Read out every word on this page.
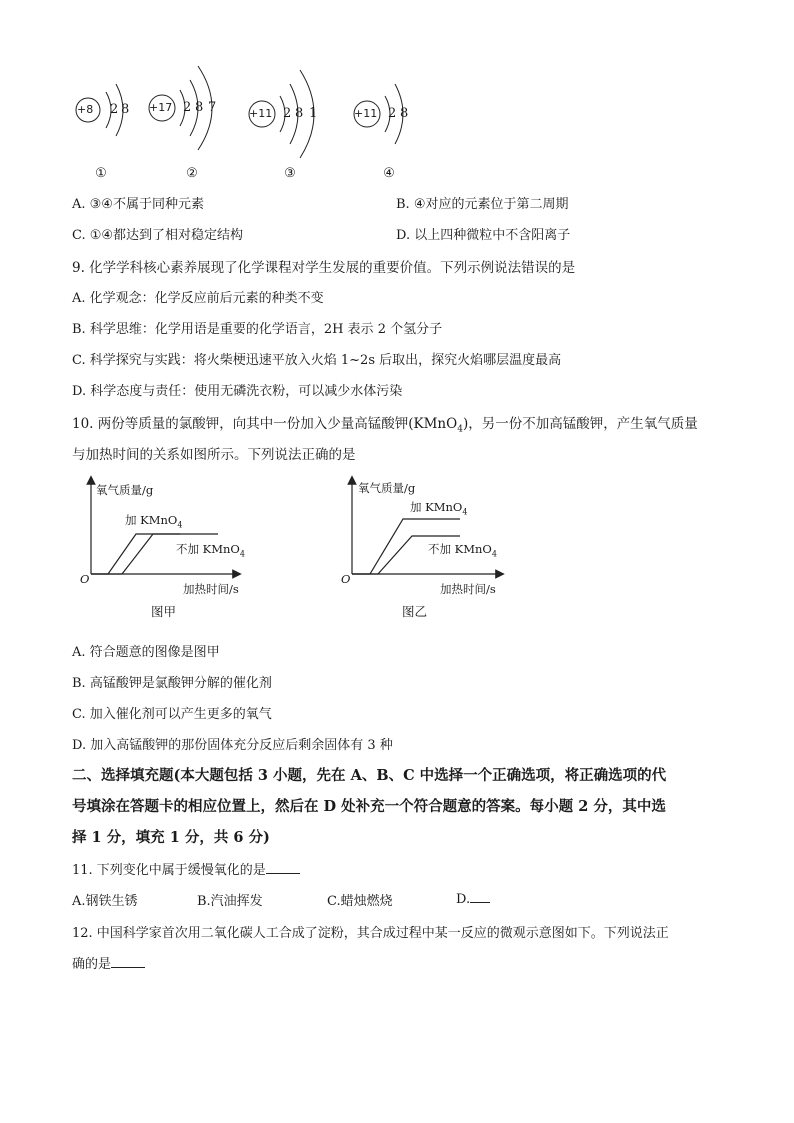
+8 2 8 +17 2 8 7	+11 2 8 1	+11 2 8
①	②	③	④
A. ③④不属于同种元素	B. ④对应的元素位于第二周期
C. ①④都达到了相对稳定结构	D. 以上四种微粒中不含阳离子
9. 化学学科核心素养展现了化学课程对学生发展的重要价值。下列示例说法错误的是
A. 化学观念：化学反应前后元素的种类不变
B. 科学思维：化学用语是重要的化学语言，2H 表示 2 个氢分子
C. 科学探究与实践：将火柴梗迅速平放入火焰 1~2s 后取出，探究火焰哪层温度最高
D. 科学态度与责任：使用无磷洗衣粉，可以减少水体污染
10. 两份等质量的氯酸钾，向其中一份加入少量高锰酸钾(KMnO$_4$)，另一份不加高锰酸钾，产生氧气质量
与加热时间的关系如图所示。下列说法正确的是
氧气质量/g
加 KMnO$_4$
不加 KMnO$_4$
O
加热时间/s
图甲
氧气质量/g
加 KMnO$_4$
不加 KMnO$_4$
O
加热时间/s
图乙
A. 符合题意的图像是图甲
B. 高锰酸钾是氯酸钾分解的催化剂
C. 加入催化剂可以产生更多的氧气
D. 加入高锰酸钾的那份固体充分反应后剩余固体有 3 种
二、选择填充题(本大题包括 3 小题，先在 A、B、C 中选择一个正确选项，将正确选项的代
号填涂在答题卡的相应位置上，然后在 D 处补充一个符合题意的答案。每小题 2 分，其中选
择 1 分，填充 1 分，共 6 分)
11. 下列变化中属于缓慢氧化的是
A.钢铁生锈	B.汽油挥发	C.蜡烛燃烧	D.
12. 中国科学家首次用二氧化碳人工合成了淀粉，其合成过程中某一反应的微观示意图如下。下列说法正
确的是
